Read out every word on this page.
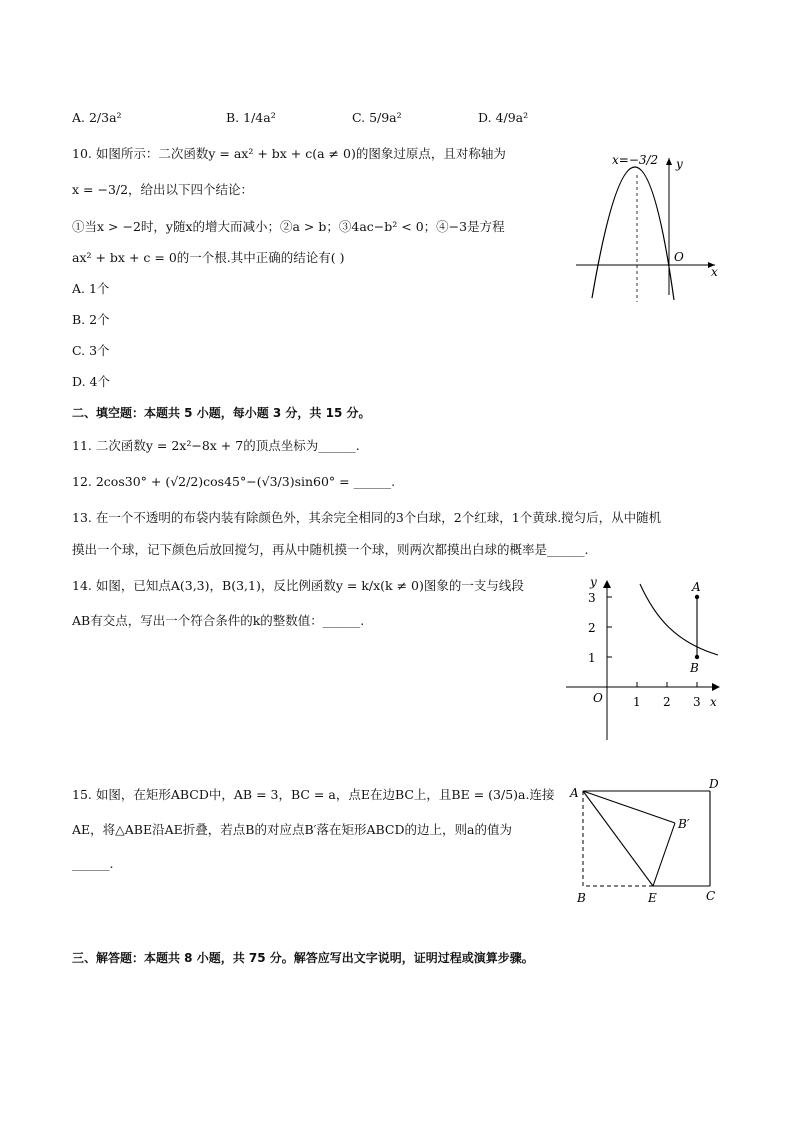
A. 2/3a²	B. 1/4a²	C. 5/9a²	D. 4/9a²
10. 如图所示：二次函数y = ax² + bx + c(a ≠ 0)的图象过原点，且对称轴为
x = −3/2，给出以下四个结论：
①当x > −2时，y随x的增大而减小；②a > b；③4ac−b² < 0；④−3是方程
ax² + bx + c = 0的一个根.其中正确的结论有( )
A. 1个
B. 2个
C. 3个
D. 4个
x=−3/2 y
x
O
二、填空题：本题共 5 小题，每小题 3 分，共 15 分。
11. 二次函数y = 2x²−8x + 7的顶点坐标为______.
12. 2cos30° + (√2/2)cos45°−(√3/3)sin60° = ______.
13. 在一个不透明的布袋内装有除颜色外，其余完全相同的3个白球，2个红球，1个黄球.搅匀后，从中随机
摸出一个球，记下颜色后放回搅匀，再从中随机摸一个球，则两次都摸出白球的概率是______.
14. 如图，已知点A(3,3)，B(3,1)，反比例函数y = k/x(k ≠ 0)图象的一支与线段
AB有交点，写出一个符合条件的k的整数值：______.
y
x
O
A
B
3
2
1
1 2 3
15. 如图，在矩形ABCD中，AB = 3，BC = a，点E在边BC上，且BE = (3/5)a.连接
AE，将△ABE沿AE折叠，若点B的对应点B′落在矩形ABCD的边上，则a的值为
______.
A
D
B	E	C
B′
三、解答题：本题共 8 小题，共 75 分。解答应写出文字说明，证明过程或演算步骤。
